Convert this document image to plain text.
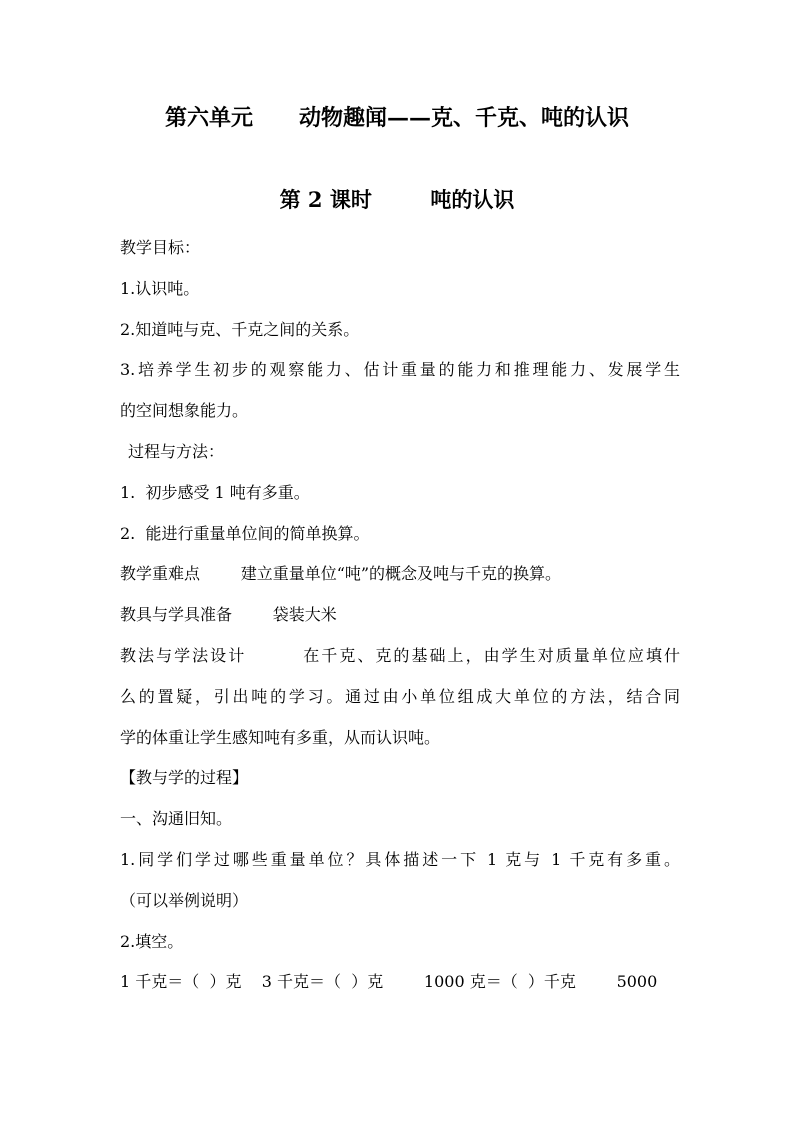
第六单元      动物趣闻——克、千克、吨的认识
第 2 课时        吨的认识
教学目标：
1.认识吨。
2.知道吨与克、千克之间的关系。
3.培养学生初步的观察能力、估计重量的能力和推理能力、发展学生
的空间想象能力。
过程与方法：
1.  初步感受 1 吨有多重。
2.  能进行重量单位间的简单换算。
教学重难点        建立重量单位“吨”的概念及吨与千克的换算。
教具与学具准备        袋装大米
教法与学法设计        在千克、克的基础上，由学生对质量单位应填什
么的置疑，引出吨的学习。通过由小单位组成大单位的方法，结合同
学的体重让学生感知吨有多重，从而认识吨。
【教与学的过程】
一、沟通旧知。
1.同学们学过哪些重量单位？具体描述一下 1 克与 1 千克有多重。
（可以举例说明）
2.填空。
1 千克＝（  ）克    3 千克＝（  ）克        1000 克＝（  ）千克        5000
